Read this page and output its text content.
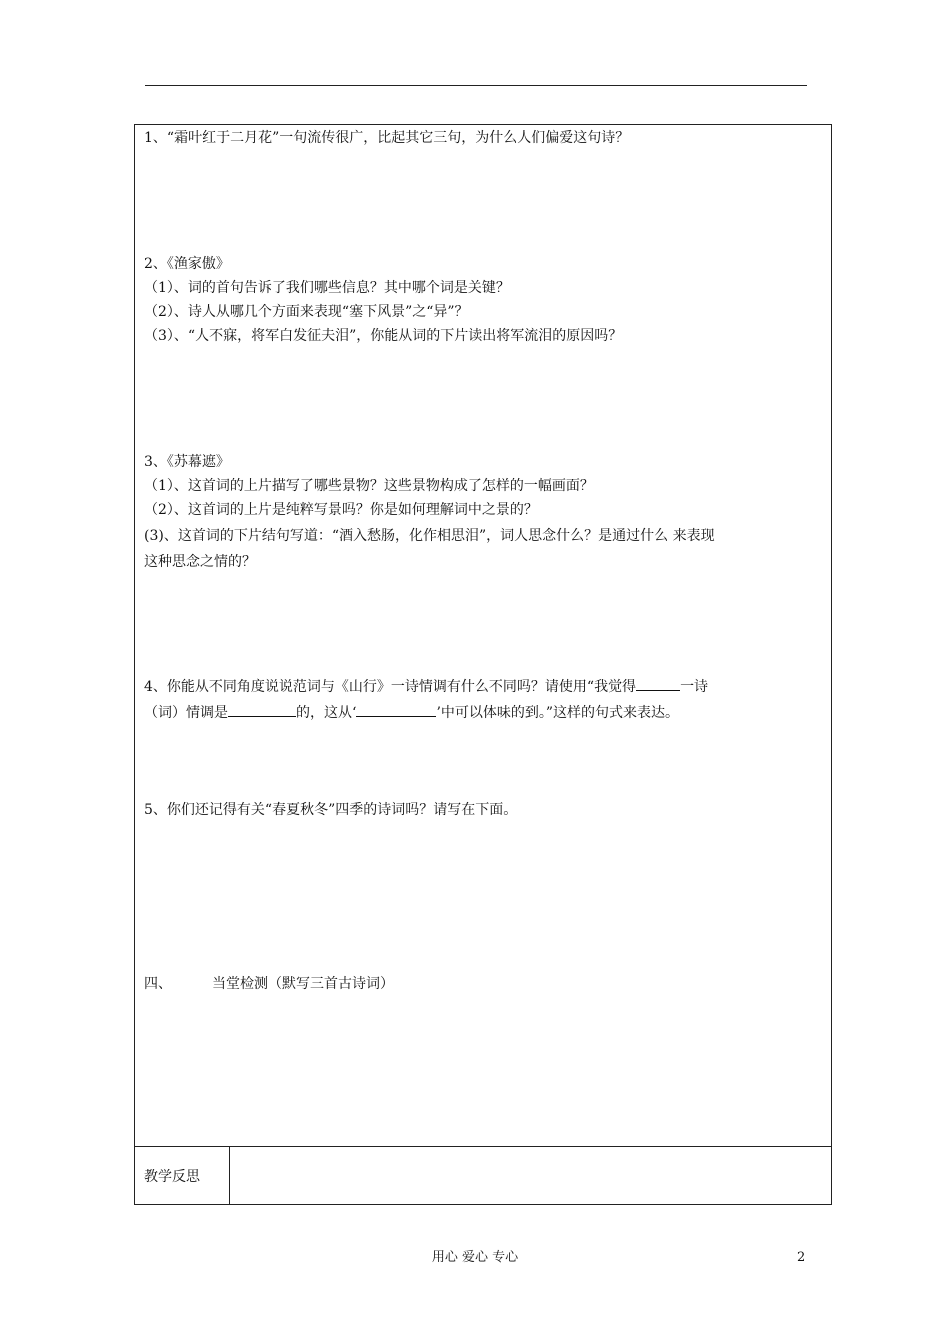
1、“霜叶红于二月花”一句流传很广，比起其它三句，为什么人们偏爱这句诗？
2、《渔家傲》
（1）、词的首句告诉了我们哪些信息？其中哪个词是关键？
（2）、诗人从哪几个方面来表现“塞下风景”之“异”？
（3）、“人不寐，将军白发征夫泪”，你能从词的下片读出将军流泪的原因吗？
3、《苏幕遮》
（1）、这首词的上片描写了哪些景物？这些景物构成了怎样的一幅画面？
（2）、这首词的上片是纯粹写景吗？你是如何理解词中之景的？
(3)、这首词的下片结句写道：“酒入愁肠，化作相思泪”，词人思念什么？是通过什么 来表现
这种思念之情的？
4、你能从不同角度说说范词与《山行》一诗情调有什么不同吗？请使用“我觉得	一诗
（词）情调是	的，这从‘	’中可以体味的到。”这样的句式来表达。
5、你们还记得有关“春夏秋冬”四季的诗词吗？请写在下面。
四、	当堂检测（默写三首古诗词）
教学反思
用心 爱心 专心	2
